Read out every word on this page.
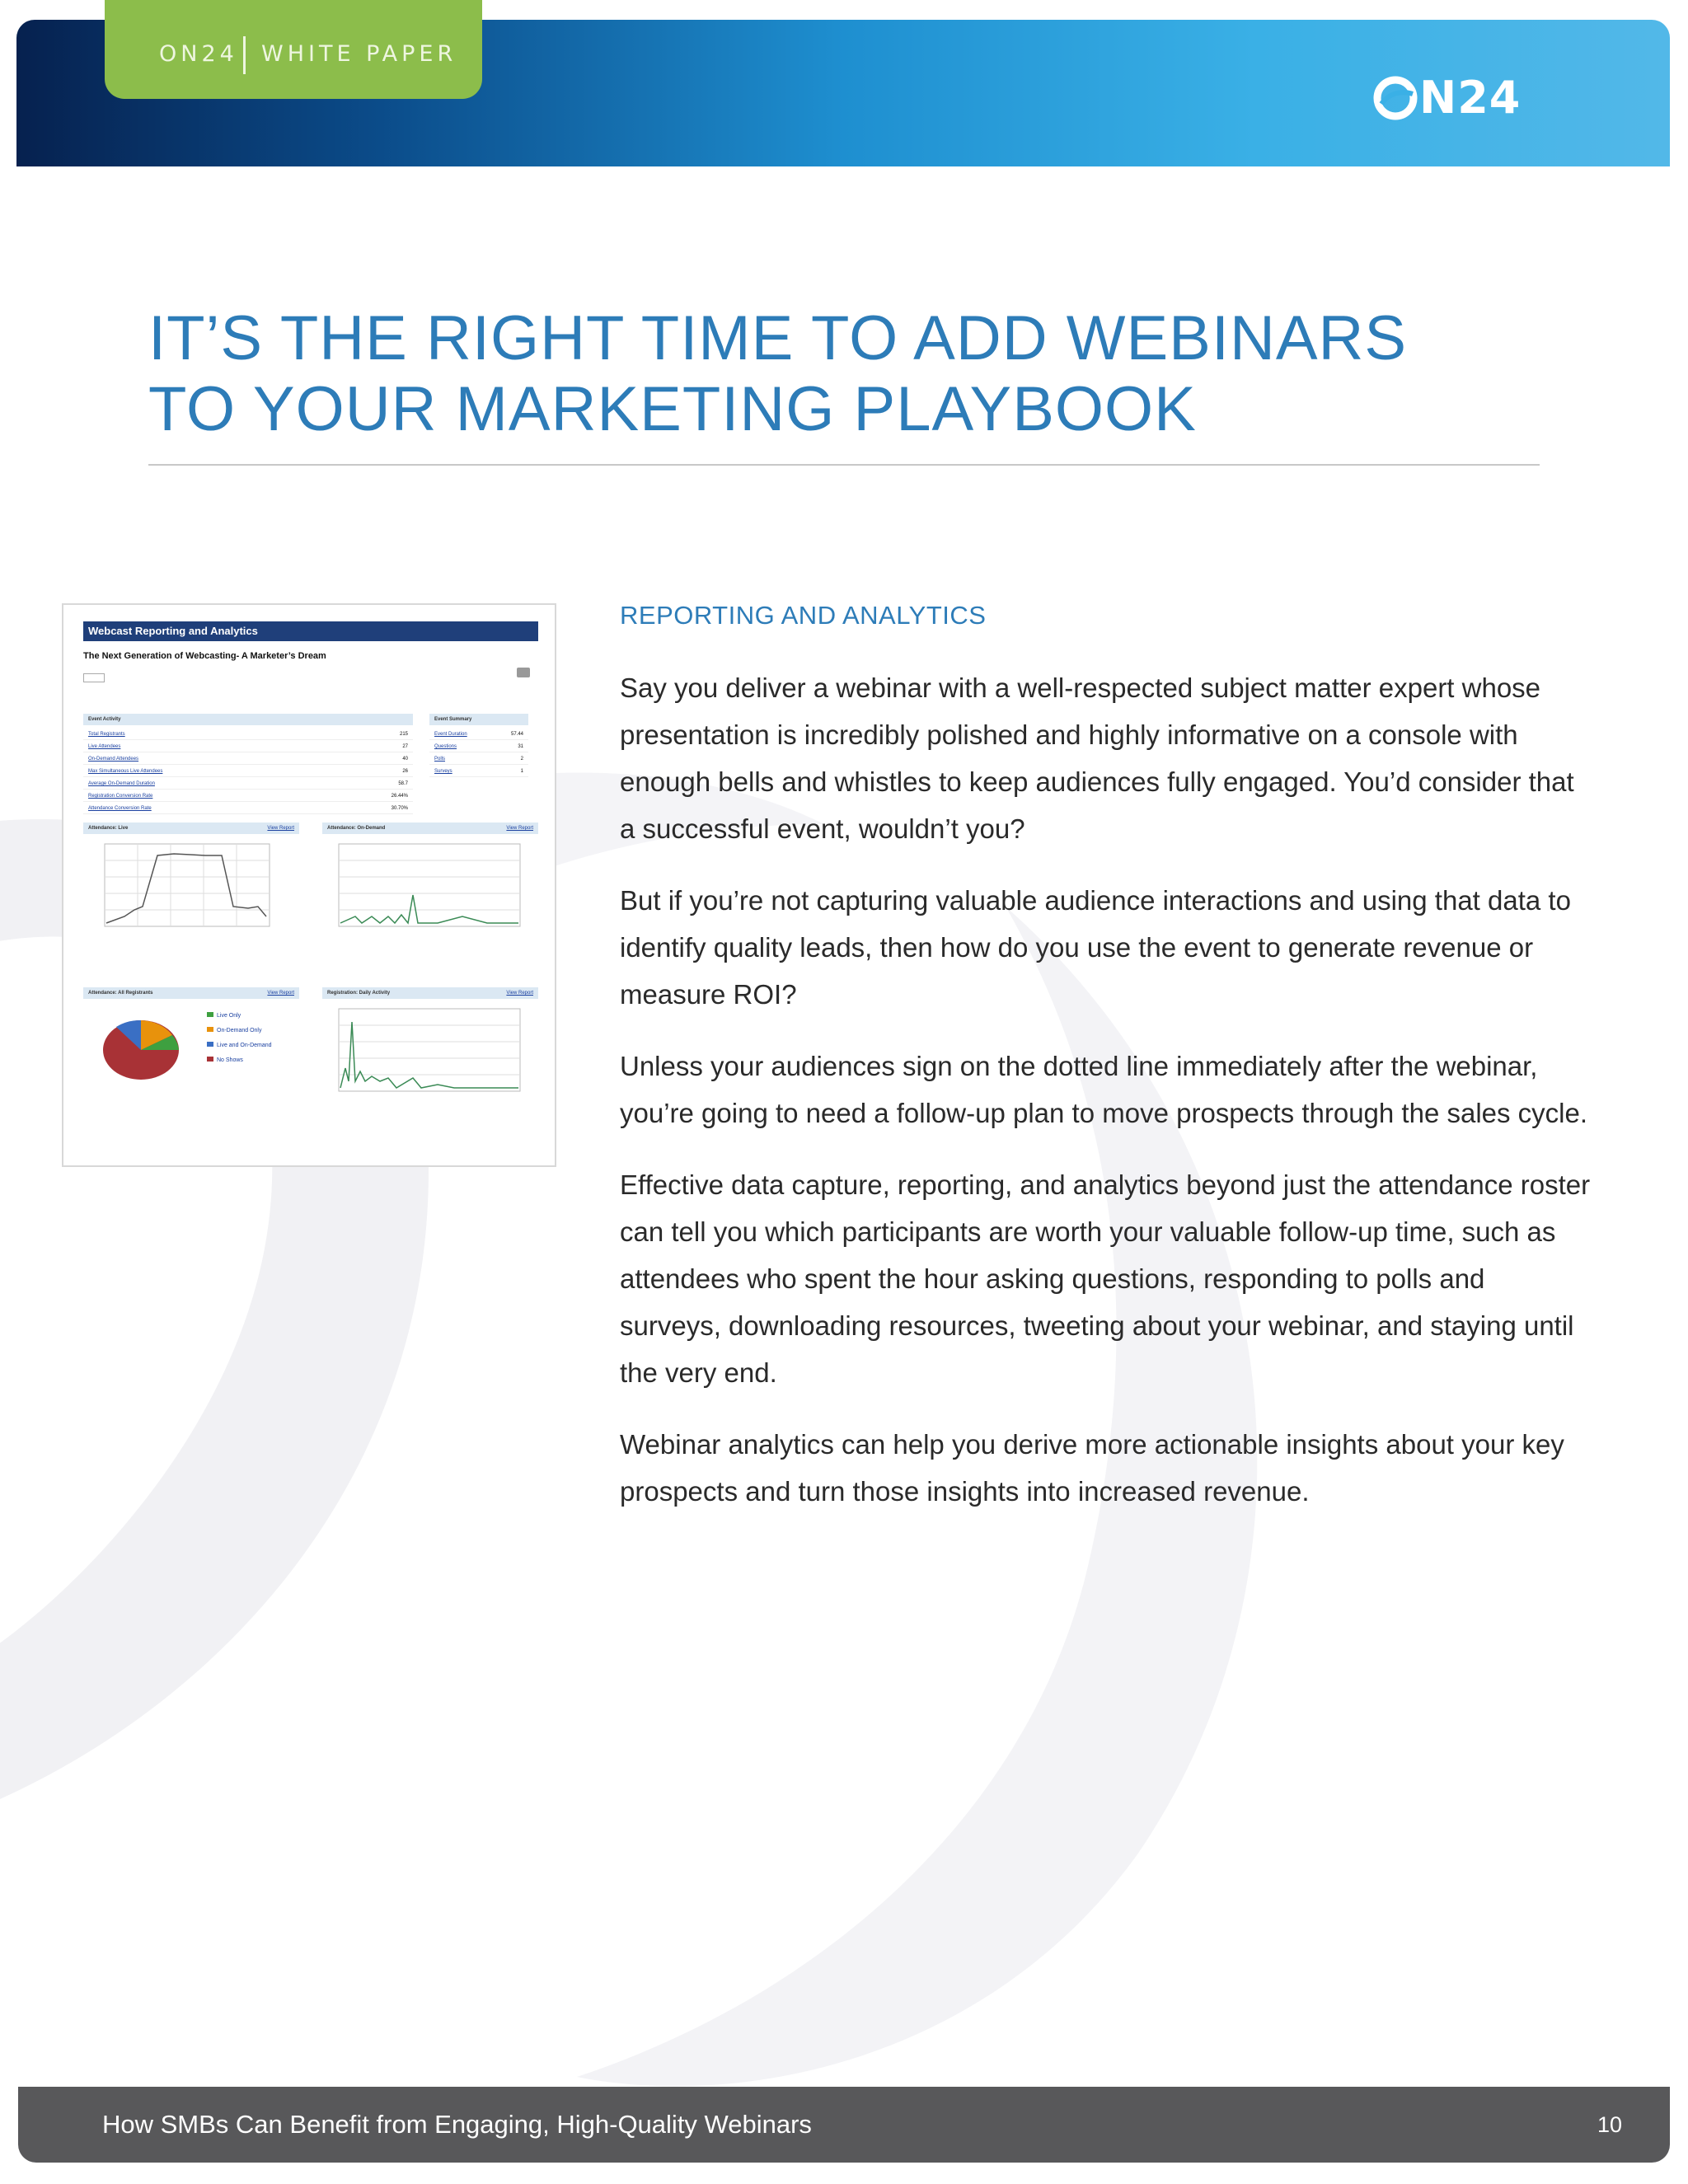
ON24 WHITE PAPER
N24
IT’S THE RIGHT TIME TO ADD WEBINARS
TO YOUR MARKETING PLAYBOOK
Webcast Reporting and Analytics
The Next Generation of Webcasting- A Marketer’s Dream

Event Activity	Event Summary
Total Registrants	215
Live Attendees	27
On-Demand Attendees	40
Max Simultaneous Live Attendees	26
Average On-Demand Duration	58.7
Registration Conversion Rate	26.44%
Attendance Conversion Rate	30.70%
Event Duration	57.44
Questions	31
Polls	2
Surveys	1
Attendance: Live	View Report	Attendance: On-Demand	View Report
Attendance: All Registrants	View Report	Registration: Daily Activity	View Report
Live Only
On-Demand Only
Live and On-Demand
No Shows
REPORTING AND ANALYTICS

Say you deliver a webinar with a well-respected subject matter expert whose presentation is incredibly polished and highly informative on a console with enough bells and whistles to keep audiences fully engaged. You’d consider that a successful event, wouldn’t you?

But if you’re not capturing valuable audience interactions and using that data to identify quality leads, then how do you use the event to generate revenue or measure ROI?

Unless your audiences sign on the dotted line immediately after the webinar, you’re going to need a follow-up plan to move prospects through the sales cycle.

Effective data capture, reporting, and analytics beyond just the attendance roster can tell you which participants are worth your valuable follow-up time, such as attendees who spent the hour asking questions, responding to polls and surveys, downloading resources, tweeting about your webinar, and staying until the very end.

Webinar analytics can help you derive more actionable insights about your key prospects and turn those insights into increased revenue.

How SMBs Can Benefit from Engaging, High-Quality Webinars	10
